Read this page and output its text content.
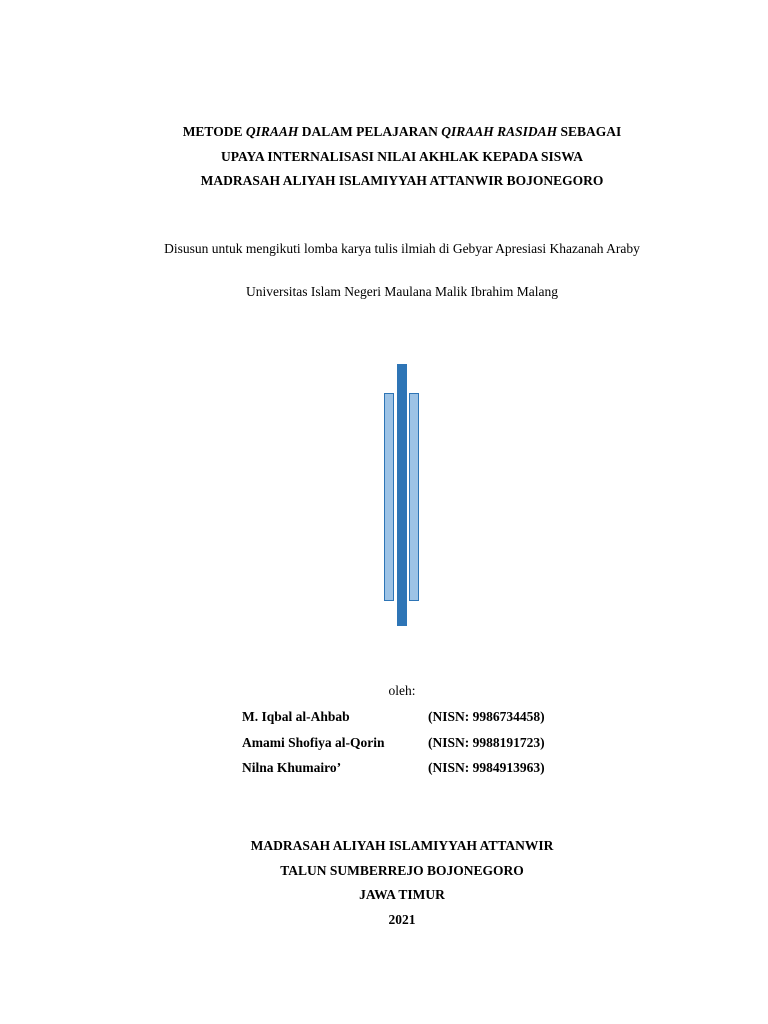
METODE QIRAAH DALAM PELAJARAN QIRAAH RASIDAH SEBAGAI
UPAYA INTERNALISASI NILAI AKHLAK KEPADA SISWA
MADRASAH ALIYAH ISLAMIYYAH ATTANWIR BOJONEGORO
Disusun untuk mengikuti lomba karya tulis ilmiah di Gebyar Apresiasi Khazanah Araby
Universitas Islam Negeri Maulana Malik Ibrahim Malang
oleh:
M. Iqbal al-Ahbab	(NISN: 9986734458)
Amami Shofiya al-Qorin	(NISN: 9988191723)
Nilna Khumairo’	(NISN: 9984913963)
MADRASAH ALIYAH ISLAMIYYAH ATTANWIR
TALUN SUMBERREJO BOJONEGORO
JAWA TIMUR
2021
